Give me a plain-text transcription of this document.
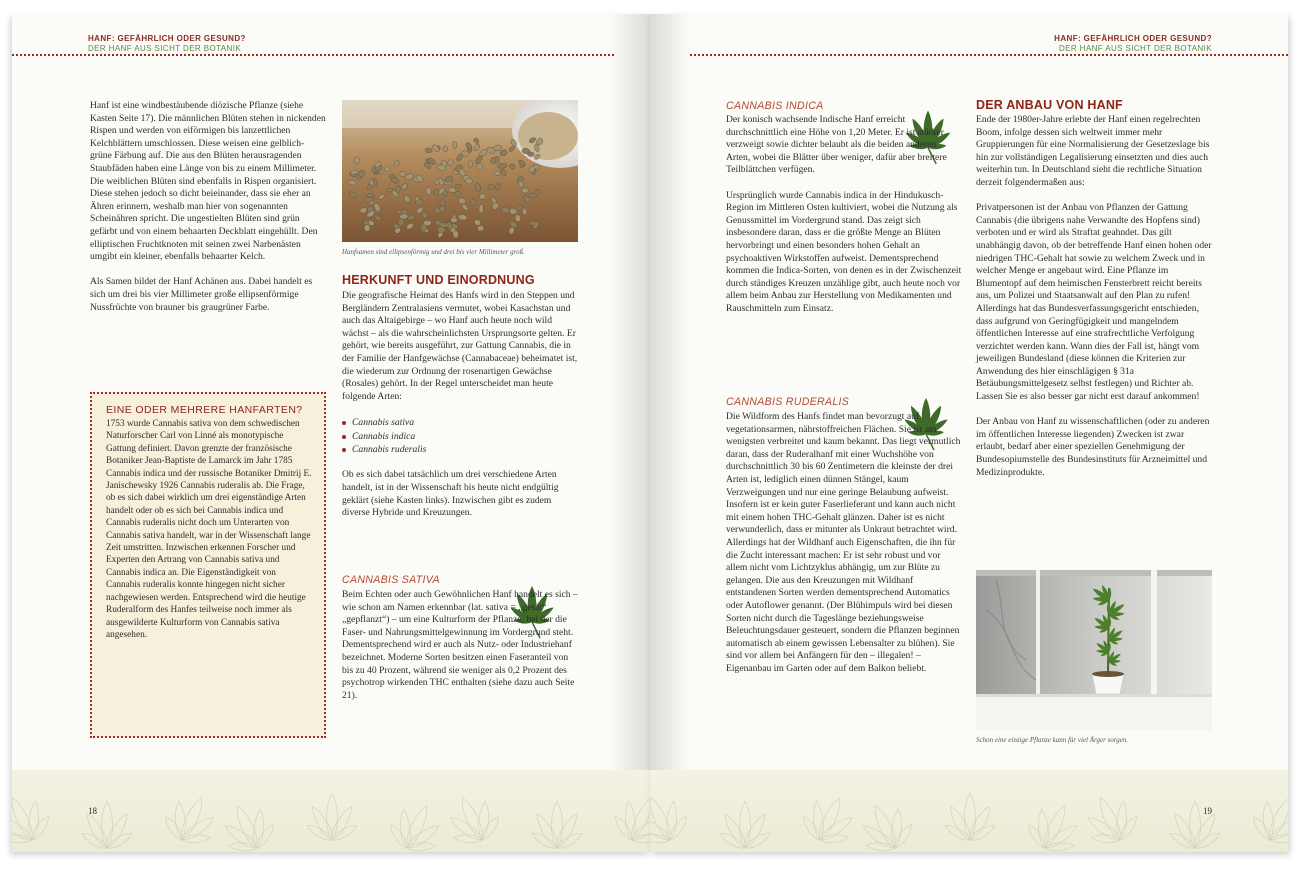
HANF: GEFÄHRLICH ODER GESUND?
DER HANF AUS SICHT DER BOTANIK

Hanf ist eine windbestäubende diözische Pflanze (siehe Kasten Seite 17). Die männlichen Blüten stehen in nickenden Rispen und werden von eiförmigen bis lanzettlichen Kelchblättern umschlossen. Diese weisen eine gelblich-grüne Färbung auf. Die aus den Blüten herausragenden Staubfäden haben eine Länge von bis zu einem Millimeter. Die weiblichen Blüten sind ebenfalls in Rispen organisiert. Diese stehen jedoch so dicht beieinander, dass sie eher an Ähren erinnern, weshalb man hier von sogenannten Scheinähren spricht. Die ungestielten Blüten sind grün gefärbt und von einem behaarten Deckblatt eingehüllt. Den elliptischen Fruchtknoten mit seinen zwei Narbenästen umgibt ein kleiner, ebenfalls behaarter Kelch.

Als Samen bildet der Hanf Achänen aus. Dabei handelt es sich um drei bis vier Millimeter große ellipsenförmige Nussfrüchte von brauner bis graugrüner Farbe.

Hanfsamen sind ellipsenförmig und drei bis vier Millimeter groß.
HERKUNFT UND EINORDNUNG

Die geografische Heimat des Hanfs wird in den Steppen und Bergländern Zentralasiens vermutet, wobei Kasachstan und auch das Altaigebirge – wo Hanf auch heute noch wild wächst – als die wahrscheinlichsten Ursprungsorte gelten. Er gehört, wie bereits ausgeführt, zur Gattung Cannabis, die in der Familie der Hanfgewächse (Cannabaceae) beheimatet ist, die wiederum zur Ordnung der rosenartigen Gewächse (Rosales) gehört. In der Regel unterscheidet man heute folgende Arten:

Cannabis sativa
Cannabis indica
Cannabis ruderalis

Ob es sich dabei tatsächlich um drei verschiedene Arten handelt, ist in der Wissenschaft bis heute nicht endgültig geklärt (siehe Kasten links). Inzwischen gibt es zudem diverse Hybride und Kreuzungen.

CANNABIS SATIVA

Beim Echten oder auch Gewöhnlichen Hanf handelt es sich – wie schon am Namen erkennbar (lat. sativa = „gesät“, „gepflanzt“) – um eine Kulturform der Pflanze, bei der die Faser- und Nahrungsmittelgewinnung im Vordergrund steht. Dementsprechend wird er auch als Nutz- oder Industriehanf bezeichnet. Moderne Sorten besitzen einen Faseranteil von bis zu 40 Prozent, während sie weniger als 0,2 Prozent des psychotrop wirkenden THC enthalten (siehe dazu auch Seite 21).

EINE ODER MEHRERE HANFARTEN?
1753 wurde Cannabis sativa von dem schwedischen Naturforscher Carl von Linné als monotypische Gattung definiert. Davon grenzte der französische Botaniker Jean-Baptiste de Lamarck im Jahr 1785 Cannabis indica und der russische Botaniker Dmitrij E. Janischewsky 1926 Cannabis ruderalis ab. Die Frage, ob es sich dabei wirklich um drei eigenständige Arten handelt oder ob es sich bei Cannabis indica und Cannabis ruderalis nicht doch um Unterarten von Cannabis sativa handelt, war in der Wissenschaft lange Zeit umstritten. Inzwischen erkennen Forscher und Experten den Artrang von Cannabis sativa und Cannabis indica an. Die Eigenständigkeit von Cannabis ruderalis konnte hingegen nicht sicher nachgewiesen werden. Entsprechend wird die heutige Ruderalform des Hanfes teilweise noch immer als ausgewilderte Kulturform von Cannabis sativa angesehen.
18
HANF: GEFÄHRLICH ODER GESUND?
DER HANF AUS SICHT DER BOTANIK
CANNABIS INDICA

Der konisch wachsende Indische Hanf erreicht durchschnittlich eine Höhe von 1,20 Meter. Er ist stärker verzweigt sowie dichter belaubt als die beiden anderen Arten, wobei die Blätter über weniger, dafür aber breitere Teilblättchen verfügen.

Ursprünglich wurde Cannabis indica in der Hindukusch-Region im Mittleren Osten kultiviert, wobei die Nutzung als Genussmittel im Vordergrund stand. Das zeigt sich insbesondere daran, dass er die größte Menge an Blüten hervorbringt und einen besonders hohen Gehalt an psychoaktiven Wirkstoffen aufweist. Dementsprechend kommen die Indica-Sorten, von denen es in der Zwischenzeit durch ständiges Kreuzen unzählige gibt, auch heute noch vor allem beim Anbau zur Herstellung von Medikamenten und Rauschmitteln zum Einsatz.

CANNABIS RUDERALIS

Die Wildform des Hanfs findet man bevorzugt auf vegetationsarmen, nährstoffreichen Flächen. Sie ist am wenigsten verbreitet und kaum bekannt. Das liegt vermutlich daran, dass der Ruderalhanf mit einer Wuchshöhe von durchschnittlich 30 bis 60 Zentimetern die kleinste der drei Arten ist, lediglich einen dünnen Stängel, kaum Verzweigungen und nur eine geringe Belaubung aufweist. Insofern ist er kein guter Faserlieferant und kann auch nicht mit einem hohen THC-Gehalt glänzen. Daher ist es nicht verwunderlich, dass er mitunter als Unkraut betrachtet wird. Allerdings hat der Wildhanf auch Eigenschaften, die ihn für die Zucht interessant machen: Er ist sehr robust und vor allem nicht vom Lichtzyklus abhängig, um zur Blüte zu gelangen. Die aus den Kreuzungen mit Wildhanf entstandenen Sorten werden dementsprechend Automatics oder Autoflower genannt. (Der Blühimpuls wird bei diesen Sorten nicht durch die Tageslänge beziehungsweise Beleuchtungsdauer gesteuert, sondern die Pflanzen beginnen automatisch ab einem gewissen Lebensalter zu blühen). Sie sind vor allem bei Anfängern für den – illegalen! – Eigenanbau im Garten oder auf dem Balkon beliebt.

DER ANBAU VON HANF

Ende der 1980er-Jahre erlebte der Hanf einen regelrechten Boom, infolge dessen sich weltweit immer mehr Gruppierungen für eine Normalisierung der Gesetzeslage bis hin zur vollständigen Legalisierung einsetzten und dies auch weiterhin tun. In Deutschland sieht die rechtliche Situation derzeit folgendermaßen aus:

Privatpersonen ist der Anbau von Pflanzen der Gattung Cannabis (die übrigens nahe Verwandte des Hopfens sind) verboten und er wird als Straftat geahndet. Das gilt unabhängig davon, ob der betreffende Hanf einen hohen oder niedrigen THC-Gehalt hat sowie zu welchem Zweck und in welcher Menge er angebaut wird. Eine Pflanze im Blumentopf auf dem heimischen Fensterbrett reicht bereits aus, um Polizei und Staatsanwalt auf den Plan zu rufen! Allerdings hat das Bundesverfassungsgericht entschieden, dass aufgrund von Geringfügigkeit und mangelndem öffentlichen Interesse auf eine strafrechtliche Verfolgung verzichtet werden kann. Wann dies der Fall ist, hängt vom jeweiligen Bundesland (diese können die Kriterien zur Anwendung des hier einschlägigen § 31a Betäubungsmittelgesetz selbst festlegen) und Richter ab. Lassen Sie es also besser gar nicht erst darauf ankommen!

Der Anbau von Hanf zu wissenschaftlichen (oder zu anderen im öffentlichen Interesse liegenden) Zwecken ist zwar erlaubt, bedarf aber einer speziellen Genehmigung der Bundesopiumstelle des Bundesinstituts für Arzneimittel und Medizinprodukte.

Schon eine einzige Pflanze kann für viel Ärger sorgen.
19
